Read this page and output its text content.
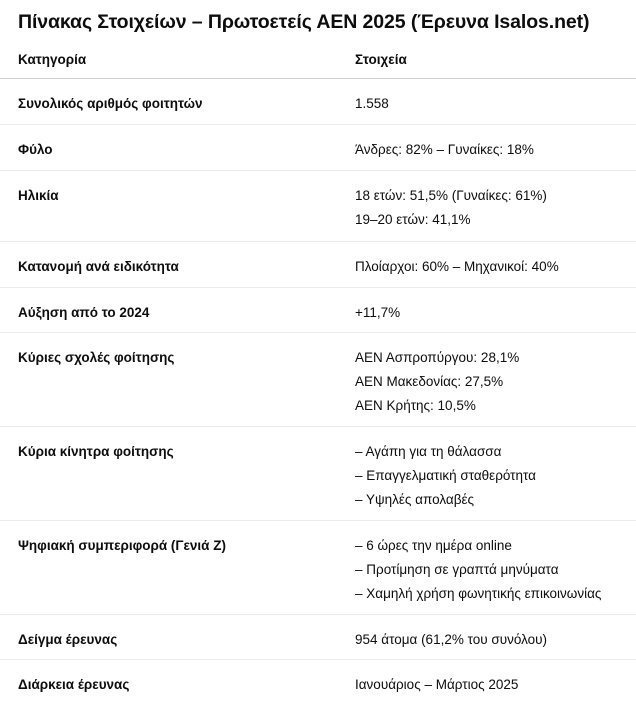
Πίνακας Στοιχείων – Πρωτοετείς ΑΕΝ 2025 (Έρευνα Isalos.net)
Κατηγορία	Στοιχεία
Συνολικός αριθμός φοιτητών	1.558

Φύλο	Άνδρες: 82% – Γυναίκες: 18%

Ηλικία	18 ετών: 51,5% (Γυναίκες: 61%)
19–20 ετών: 41,1%

Κατανομή ανά ειδικότητα	Πλοίαρχοι: 60% – Μηχανικοί: 40%

Αύξηση από το 2024	+11,7%

Κύριες σχολές φοίτησης	ΑΕΝ Ασπροπύργου: 28,1%
ΑΕΝ Μακεδονίας: 27,5%
ΑΕΝ Κρήτης: 10,5%

Κύρια κίνητρα φοίτησης	– Αγάπη για τη θάλασσα
– Επαγγελματική σταθερότητα
– Υψηλές απολαβές

Ψηφιακή συμπεριφορά (Γενιά Ζ)	– 6 ώρες την ημέρα online
– Προτίμηση σε γραπτά μηνύματα
– Χαμηλή χρήση φωνητικής επικοινωνίας

Δείγμα έρευνας	954 άτομα (61,2% του συνόλου)

Διάρκεια έρευνας	Ιανουάριος – Μάρτιος 2025
